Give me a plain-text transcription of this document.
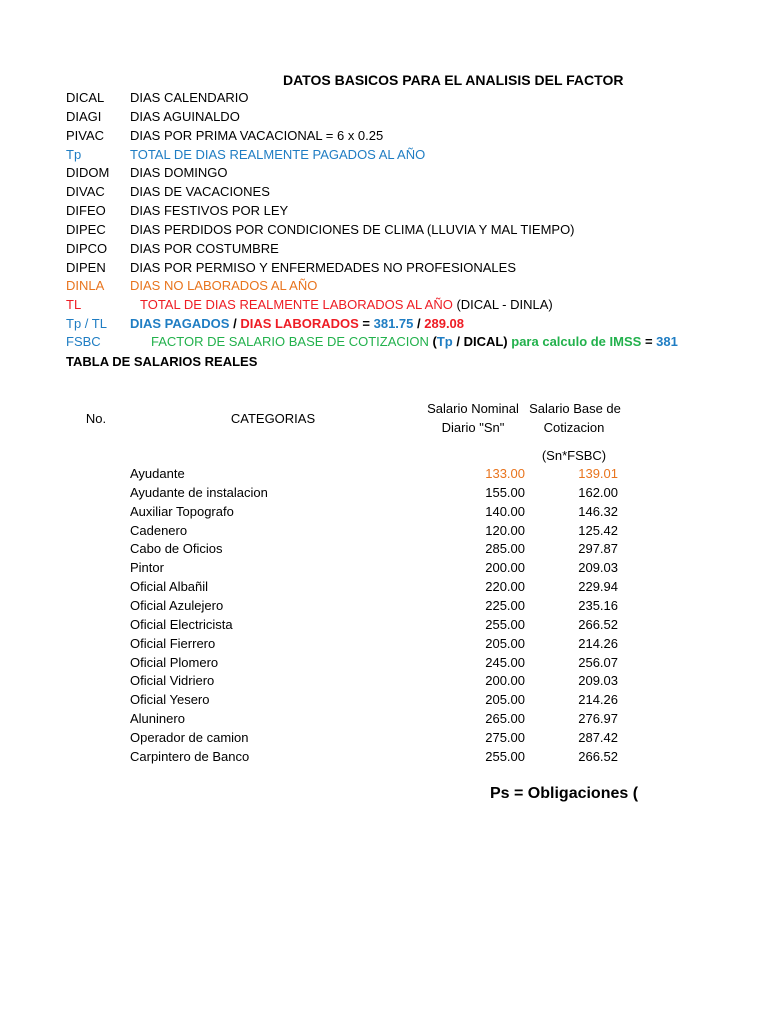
DATOS BASICOS PARA EL ANALISIS DEL FACTOR
DICAL DIAS CALENDARIO
DIAGI DIAS AGUINALDO
PIVAC DIAS POR PRIMA VACACIONAL = 6 x 0.25
Tp	TOTAL DE DIAS REALMENTE PAGADOS AL AÑO
DIDOM DIAS DOMINGO
DIVAC DIAS DE VACACIONES
DIFEO DIAS FESTIVOS POR LEY
DIPEC DIAS PERDIDOS POR CONDICIONES DE CLIMA (LLUVIA Y MAL TIEMPO)
DIPCO DIAS POR COSTUMBRE
DIPEN DIAS POR PERMISO Y ENFERMEDADES NO PROFESIONALES
DINLA DIAS NO LABORADOS AL AÑO
TL	TOTAL DE DIAS REALMENTE LABORADOS AL AÑO (DICAL - DINLA)
Tp / TL DIAS PAGADOS / DIAS LABORADOS = 381.75 / 289.08
FSBC	FACTOR DE SALARIO BASE DE COTIZACION (Tp / DICAL) para calculo de IMSS = 381
TABLA DE SALARIOS REALES
No.	CATEGORIAS
Salario Nominal
Diario "Sn"
Salario Base de
Cotizacion
(Sn*FSBC)
Ayudante	133.00	139.01
Ayudante de instalacion	155.00	162.00
Auxiliar Topografo	140.00	146.32
Cadenero	120.00	125.42
Cabo de Oficios	285.00	297.87
Pintor	200.00	209.03
Oficial Albañil	220.00	229.94
Oficial Azulejero	225.00	235.16
Oficial Electricista	255.00	266.52
Oficial Fierrero	205.00	214.26
Oficial Plomero	245.00	256.07
Oficial Vidriero	200.00	209.03
Oficial Yesero	205.00	214.26
Aluninero	265.00	276.97
Operador de camion	275.00	287.42
Carpintero de Banco	255.00	266.52
Ps = Obligaciones (
